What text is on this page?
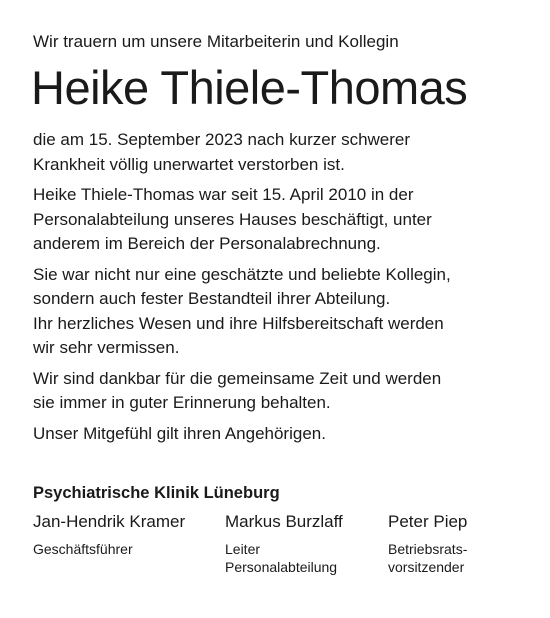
Wir trauern um unsere Mitarbeiterin und Kollegin

Heike Thiele-Thomas

die am 15. September 2023 nach kurzer schwerer
Krankheit völlig unerwartet verstorben ist.

Heike Thiele-Thomas war seit 15. April 2010 in der
Personalabteilung unseres Hauses beschäftigt, unter
anderem im Bereich der Personalabrechnung.

Sie war nicht nur eine geschätzte und beliebte Kollegin,
sondern auch fester Bestandteil ihrer Abteilung.
Ihr herzliches Wesen und ihre Hilfsbereitschaft werden
wir sehr vermissen.

Wir sind dankbar für die gemeinsame Zeit und werden
sie immer in guter Erinnerung behalten.

Unser Mitgefühl gilt ihren Angehörigen.

Psychiatrische Klinik Lüneburg
Jan-Hendrik Kramer
Geschäftsführer
Markus Burzlaff
Leiter
Personalabteilung
Peter Piep
Betriebsrats-
vorsitzender
